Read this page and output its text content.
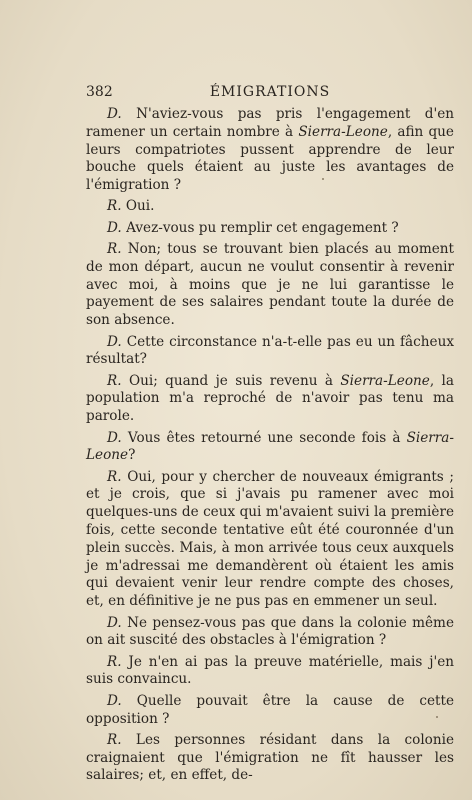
382	ÉMIGRATIONS

D. N'aviez-vous pas pris l'engagement d'en ramener un certain nombre à Sierra-Leone, afin que leurs compatriotes pussent apprendre de leur bouche quels étaient au juste les avantages de l'émigration ?

R. Oui.

D. Avez-vous pu remplir cet engagement ?

R. Non; tous se trouvant bien placés au moment de mon départ, aucun ne voulut consentir à revenir avec moi, à moins que je ne lui garantisse le payement de ses salaires pendant toute la durée de son absence.

D. Cette circonstance n'a-t-elle pas eu un fâcheux résultat?

R. Oui; quand je suis revenu à Sierra-Leone, la population m'a reproché de n'avoir pas tenu ma parole.

D. Vous êtes retourné une seconde fois à Sierra-Leone?

R. Oui, pour y chercher de nouveaux émigrants ; et je crois, que si j'avais pu ramener avec moi quelques-uns de ceux qui m'avaient suivi la première fois, cette seconde tentative eût été couronnée d'un plein succès. Mais, à mon arrivée tous ceux auxquels je m'adressai me demandèrent où étaient les amis qui devaient venir leur rendre compte des choses, et, en définitive je ne pus pas en emmener un seul.

D. Ne pensez-vous pas que dans la colonie même on ait suscité des obstacles à l'émigration ?

R. Je n'en ai pas la preuve matérielle, mais j'en suis convaincu.

D. Quelle pouvait être la cause de cette opposition ?

R. Les personnes résidant dans la colonie craignaient que l'émigration ne fît hausser les salaires; et, en effet, de-
